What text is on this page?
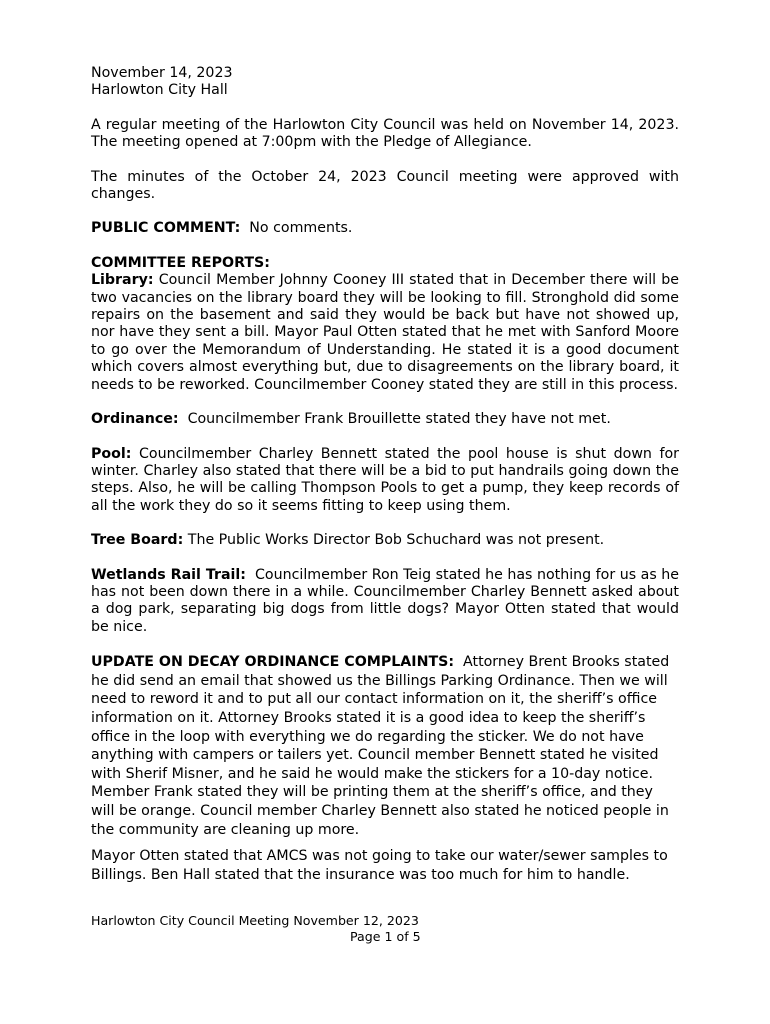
November 14, 2023
Harlowton City Hall

A regular meeting of the Harlowton City Council was held on November 14, 2023. The meeting opened at 7:00pm with the Pledge of Allegiance.

The minutes of the October 24, 2023 Council meeting were approved with changes.

PUBLIC COMMENT: No comments.

COMMITTEE REPORTS:

Library: Council Member Johnny Cooney III stated that in December there will be two vacancies on the library board they will be looking to fill. Stronghold did some repairs on the basement and said they would be back but have not showed up, nor have they sent a bill. Mayor Paul Otten stated that he met with Sanford Moore to go over the Memorandum of Understanding. He stated it is a good document which covers almost everything but, due to disagreements on the library board, it needs to be reworked. Councilmember Cooney stated they are still in this process.

Ordinance: Councilmember Frank Brouillette stated they have not met.

Pool: Councilmember Charley Bennett stated the pool house is shut down for winter. Charley also stated that there will be a bid to put handrails going down the steps. Also, he will be calling Thompson Pools to get a pump, they keep records of all the work they do so it seems fitting to keep using them.

Tree Board: The Public Works Director Bob Schuchard was not present.

Wetlands Rail Trail: Councilmember Ron Teig stated he has nothing for us as he has not been down there in a while. Councilmember Charley Bennett asked about a dog park, separating big dogs from little dogs? Mayor Otten stated that would be nice.

UPDATE ON DECAY ORDINANCE COMPLAINTS: Attorney Brent Brooks stated he did send an email that showed us the Billings Parking Ordinance. Then we will need to reword it and to put all our contact information on it, the sheriff’s office information on it. Attorney Brooks stated it is a good idea to keep the sheriff’s office in the loop with everything we do regarding the sticker. We do not have anything with campers or tailers yet. Council member Bennett stated he visited with Sherif Misner, and he said he would make the stickers for a 10-day notice. Member Frank stated they will be printing them at the sheriff’s office, and they will be orange. Council member Charley Bennett also stated he noticed people in the community are cleaning up more.

Mayor Otten stated that AMCS was not going to take our water/sewer samples to Billings. Ben Hall stated that the insurance was too much for him to handle.

Harlowton City Council Meeting November 12, 2023
Page 1 of 5
